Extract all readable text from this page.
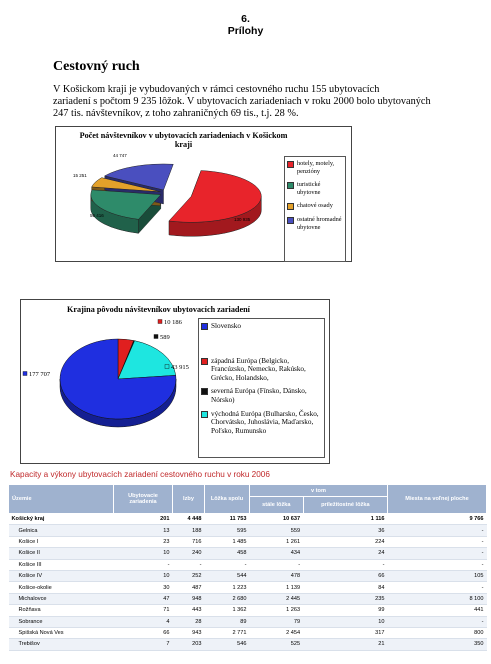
6.
Prílohy
Cestovný ruch
V Košickom kraji je vybudovaných v rámci cestovného ruchu 155 ubytovacích
zariadení s počtom 9 235 lôžok. V ubytovacích zariadeniach v roku 2000 bolo ubytovaných
247 tis. návštevníkov, z toho zahraničných 69 tis., t.j. 28 %.
Počet návštevníkov v ubytovacích zariadeniach v Košickom kraji
130 935
56 416
15 251
44 747
hotely, motely, penzióny
turistické ubytovne
chatové osady
ostatné hromadné ubytovne
Krajina pôvodu návštevníkov ubytovacích zariadení
177 707
10 186
589
43 915
Slovensko
západná Európa (Belgicko, Francúzsko, Nemecko, Rakúsko, Grécko, Holandsko,
severná Európa (Fínsko, Dánsko, Nórsko)
východná Európa (Bulharsko, Česko, Chorvátsko, Juhoslávia, Maďarsko, Poľsko, Rumunsko
Kapacity a výkony ubytovacích zariadení cestovného ruchu v roku 2006
Územie	Ubytovacie zariadenia	Izby	Lôžka spolu	v tom		Miesta na voľnej ploche
				stále lôžka	príležitostné lôžka	
Košický kraj	201	4 448	11 753	10 637	1 116	9 766
Gelnica	13	188	595	559	36	-
Košice I	23	716	1 485	1 261	224	-
Košice II	10	240	458	434	24	-
Košice III	-	-	-	-	-	-
Košice IV	10	252	544	478	66	105
Košice-okolie	30	487	1 223	1 139	84	-
Michalovce	47	948	2 680	2 445	235	8 100
Rožňava	71	443	1 362	1 263	99	441
Sobrance	4	28	89	79	10	-
Spišská Nová Ves	66	943	2 771	2 454	317	800
Trebišov	7	203	546	525	21	350
